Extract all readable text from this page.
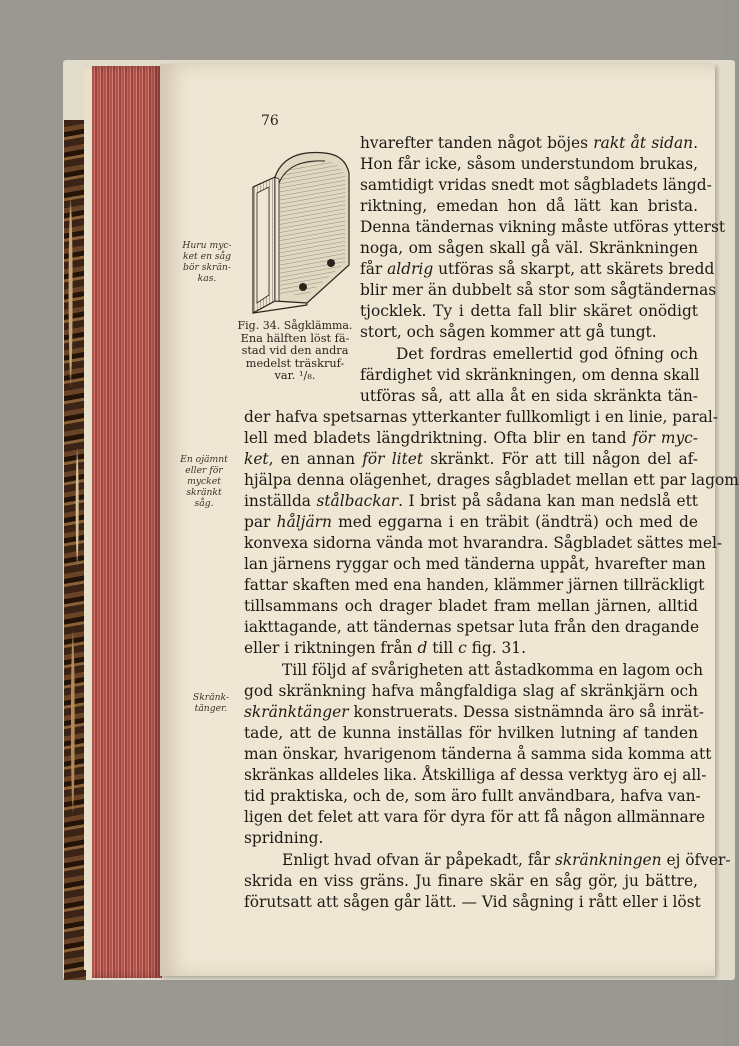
76
Fig. 34. Sågklämma.
Ena hälften löst fä-
stad vid den andra
medelst träskruf-
var. ¹/₈.
Huru myc-
ket en såg
bör skrän-
kas.
En ojämnt
eller för
mycket
skränkt
såg.
Skränk-
tänger.
hvarefter tanden något böjes rakt åt sidan.
Hon får icke, såsom understundom brukas,
samtidigt vridas snedt mot sågbladets längd-
riktning, emedan hon då lätt kan brista.
Denna tändernas vikning måste utföras ytterst
noga, om sågen skall gå väl. Skränkningen
får aldrig utföras så skarpt, att skärets bredd
blir mer än dubbelt så stor som sågtändernas
tjocklek. Ty i detta fall blir skäret onödigt
stort, och sågen kommer att gå tungt.
Det fordras emellertid god öfning och
färdighet vid skränkningen, om denna skall
utföras så, att alla åt en sida skränkta tän-
der hafva spetsarnas ytterkanter fullkomligt i en linie, paral-
lell med bladets längdriktning. Ofta blir en tand för myc-
ket, en annan för litet skränkt. För att till någon del af-
hjälpa denna olägenhet, drages sågbladet mellan ett par lagom
inställda stålbackar. I brist på sådana kan man nedslå ett
par håljärn med eggarna i en träbit (ändträ) och med de
konvexa sidorna vända mot hvarandra. Sågbladet sättes mel-
lan järnens ryggar och med tänderna uppåt, hvarefter man
fattar skaften med ena handen, klämmer järnen tillräckligt
tillsammans och drager bladet fram mellan järnen, alltid
iakttagande, att tändernas spetsar luta från den dragande
eller i riktningen från d till c fig. 31.
Till följd af svårigheten att åstadkomma en lagom och
god skränkning hafva mångfaldiga slag af skränkjärn och
skränktänger konstruerats. Dessa sistnämnda äro så inrät-
tade, att de kunna inställas för hvilken lutning af tanden
man önskar, hvarigenom tänderna å samma sida komma att
skränkas alldeles lika. Åtskilliga af dessa verktyg äro ej all-
tid praktiska, och de, som äro fullt användbara, hafva van-
ligen det felet att vara för dyra för att få någon allmännare
spridning.
Enligt hvad ofvan är påpekadt, får skränkningen ej öfver-
skrida en viss gräns. Ju finare skär en såg gör, ju bättre,
förutsatt att sågen går lätt. — Vid sågning i rått eller i löst
